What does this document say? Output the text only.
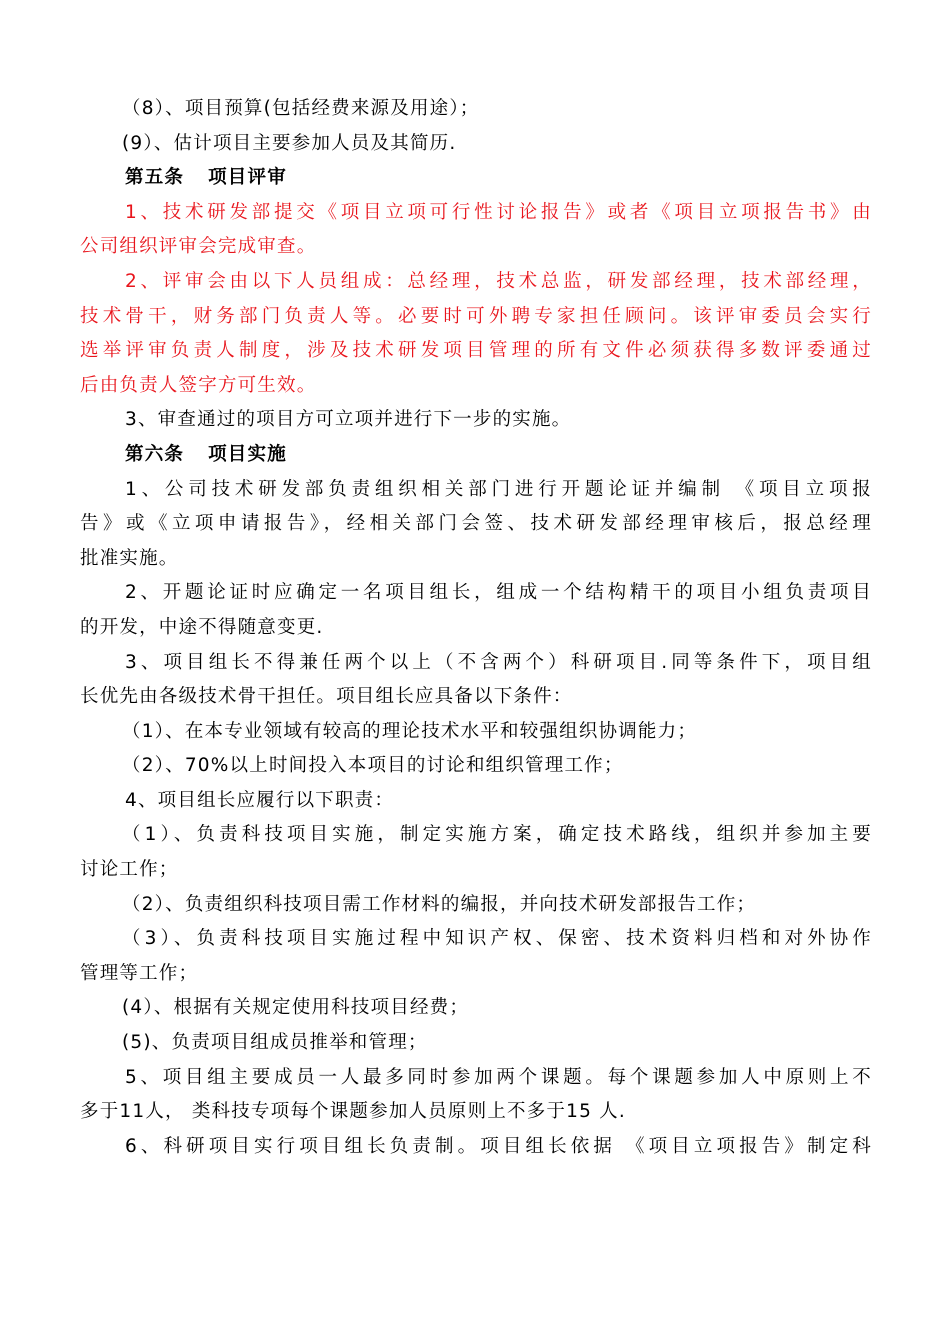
（8）、项目预算(包括经费来源及用途）；
(9）、估计项目主要参加人员及其简历.
第五条 项目评审
1、技术研发部提交《项目立项可行性讨论报告》或者《项目立项报告书》由
公司组织评审会完成审查。
2、评审会由以下人员组成：总经理，技术总监，研发部经理，技术部经理，
技术骨干，财务部门负责人等。必要时可外聘专家担任顾问。该评审委员会实行
选举评审负责人制度，涉及技术研发项目管理的所有文件必须获得多数评委通过
后由负责人签字方可生效。
3、审查通过的项目方可立项并进行下一步的实施。
第六条 项目实施
1、公司技术研发部负责组织相关部门进行开题论证并编制 《项目立项报
告》或《立项申请报告》，经相关部门会签、技术研发部经理审核后，报总经理
批准实施。
2、开题论证时应确定一名项目组长，组成一个结构精干的项目小组负责项目
的开发，中途不得随意变更.
3、项目组长不得兼任两个以上（不含两个）科研项目.同等条件下，项目组
长优先由各级技术骨干担任。项目组长应具备以下条件：
（1）、在本专业领域有较高的理论技术水平和较强组织协调能力；
（2）、70%以上时间投入本项目的讨论和组织管理工作；
4、项目组长应履行以下职责：
（1）、负责科技项目实施，制定实施方案，确定技术路线，组织并参加主要
讨论工作；
（2）、负责组织科技项目需工作材料的编报，并向技术研发部报告工作；
（3）、负责科技项目实施过程中知识产权、保密、技术资料归档和对外协作
管理等工作；
(4）、根据有关规定使用科技项目经费；
(5)、负责项目组成员推举和管理；
5、项目组主要成员一人最多同时参加两个课题。每个课题参加人中原则上不
多于11人， 类科技专项每个课题参加人员原则上不多于15 人.
6、科研项目实行项目组长负责制。项目组长依据 《项目立项报告》制定科
